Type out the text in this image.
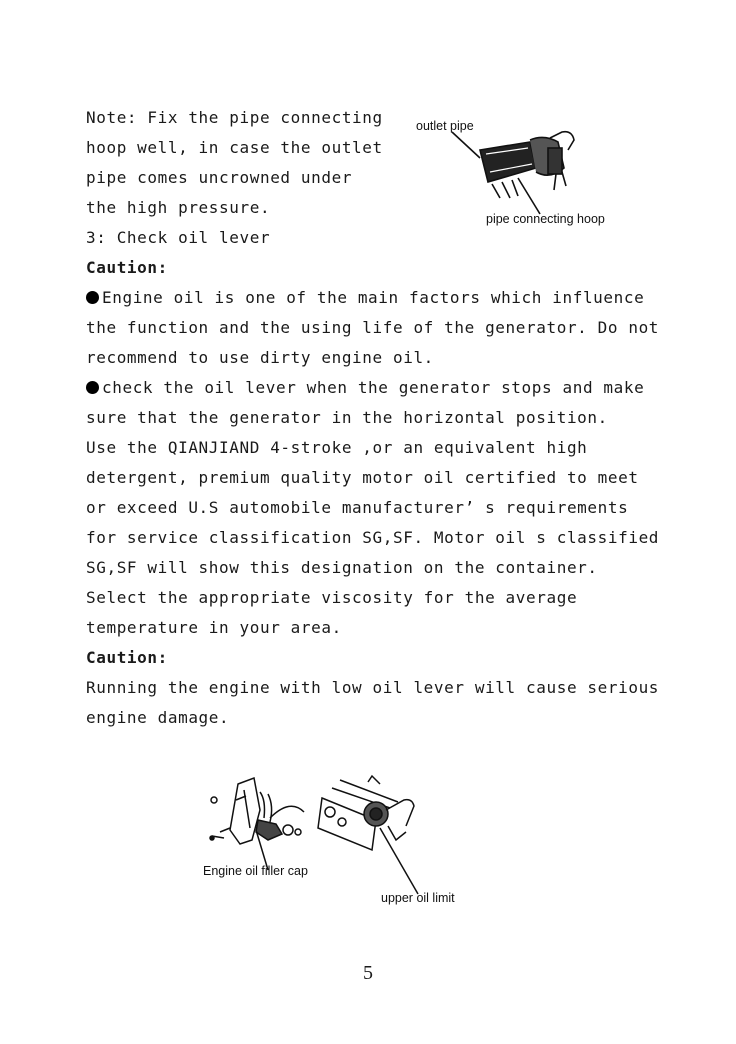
Note: Fix the pipe connecting
hoop well, in case the outlet
pipe comes uncrowned under
the high pressure.
3: Check oil lever
Caution:
Engine oil is one of the main factors which influence
the function and the using life of the generator. Do not
recommend to use dirty engine oil.
check the oil lever when the generator stops and make
sure that the generator in the horizontal position.
Use the QIANJIAND 4-stroke ,or an equivalent high
detergent, premium quality motor oil certified to meet
or exceed U.S automobile manufacturer’ s requirements
for service classification SG,SF. Motor oil s classified
SG,SF will show this designation on the container.
Select the appropriate viscosity for the average
temperature in your area.
Caution:
Running the engine with low oil lever will cause serious
engine damage.
outlet pipe
pipe connecting hoop
Engine oil filler cap
upper oil limit
5
